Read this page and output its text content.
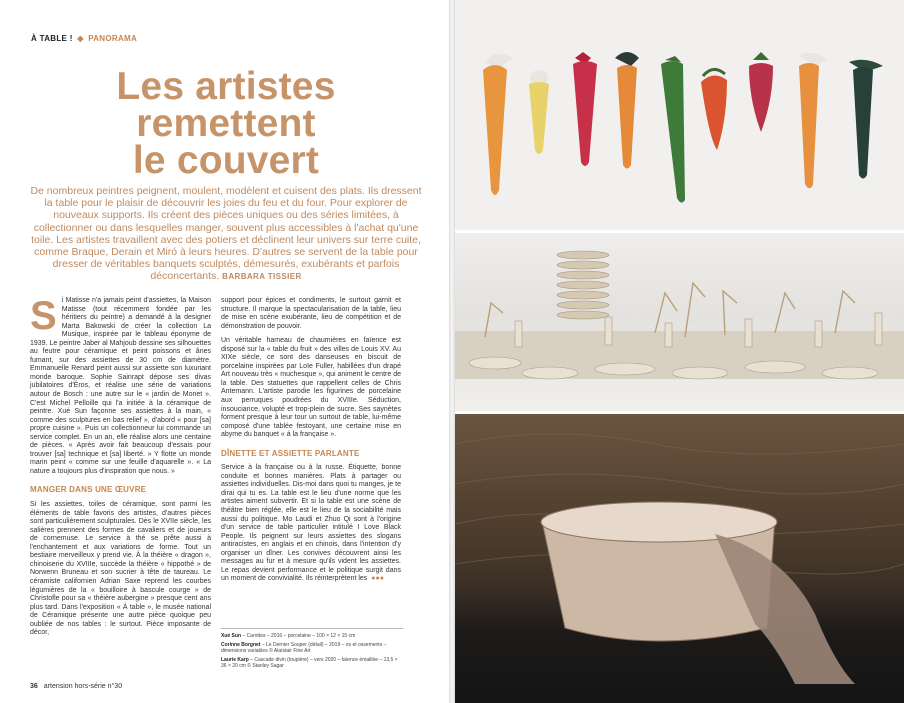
À TABLE ! ◆ PANORAMA
Les artistes
remettent
le couvert
De nombreux peintres peignent, moulent, modèlent et cuisent des plats. Ils dressent la table pour le plaisir de découvrir les joies du feu et du four. Pour explorer de nouveaux supports. Ils créent des pièces uniques ou des séries limitées, à collectionner ou dans lesquelles manger, souvent plus accessibles à l'achat qu'une toile. Les artistes travaillent avec des potiers et déclinent leur univers sur terre cuite, comme Braque, Derain et Miró à leurs heures. D'autres se servent de la table pour dresser de véritables banquets sculptés, démesurés, exubérants et parfois déconcertants. BARBARA TISSIER

Si Matisse n'a jamais peint d'assiettes, la Maison Matisse (tout récemment fondée par les héritiers du peintre) a demandé à la designer Marta Bakowski de créer la collection La Musique, inspirée par le tableau éponyme de 1939. Le peintre Jaber al Mahjoub dessine ses silhouettes au feutre pour céramique et peint poissons et ânes fumant, sur des assiettes de 30 cm de diamètre. Emmanuelle Renard peint aussi sur assiette son luxuriant monde baroque. Sophie Sainrapt dépose ses divas jubilatoires d'Éros, et réalise une série de variations autour de Bosch : une autre sur le « jardin de Monet ». C'est Michel Pelloille qui l'a initiée à la céramique de peintre. Xué Sun façonne ses assiettes à la main, « comme des sculptures en bas relief », d'abord « pour [sa] propre cuisine ». Puis un collectionneur lui commande un service complet. En un an, elle réalise alors une centaine de pièces. « Après avoir fait beaucoup d'essais pour trouver [sa] technique et [sa] liberté. » Y flotte un monde marin peint « comme sur une feuille d'aquarelle ». « La nature a toujours plus d'inspiration que nous. »

MANGER DANS UNE ŒUVRE

Si les assiettes, toiles de céramique, sont parmi les éléments de table favoris des artistes, d'autres pièces sont particulièrement sculpturales. Dès le XVIIe siècle, les salières prennent des formes de cavaliers et de joueurs de cornemuse. Le service à thé se prête aussi à l'enchantement et aux variations de forme. Tout un bestiaire merveilleux y prend vie. À la théière « dragon », chinoiserie du XVIIIe, succède la théière « hippothé » de Norwenn Bruneau et son sucrier à tête de taureau. Le céramiste californien Adrian Saxe reprend les courbes légumières de la « bouilloire à bascule courge » de Christofle pour sa « théière aubergine » presque cent ans plus tard. Dans l'exposition « À table », le musée national de Céramique présente une autre pièce quoique peu oubliée de nos tables : le surtout. Pièce imposante de décor,

support pour épices et condiments, le surtout garnit et structure. Il marque la spectacularisation de la table, lieu de mise en scène exubérante, lieu de compétition et de démonstration de pouvoir.

Un véritable hameau de chaumières en faïence est disposé sur la « table du fruit » des villes de Louis XV. Au XIXe siècle, ce sont des danseuses en biscuit de porcelaine inspirées par Loïe Fuller, habillées d'un drapé Art nouveau très « muchesque », qui animent le centre de la table. Des statuettes que rappellent celles de Chris Antemann. L'artiste parodie les figurines de porcelaine aux perruques poudrées du XVIIIe. Séduction, insouciance, volupté et trop-plein de sucre. Ses saynètes forment presque à leur tour un surtout de table, lui-même composé d'une tablée festoyant, une certaine mise en abyme du banquet « à la française ».

DÎNETTE ET ASSIETTE PARLANTE

Service à la française ou à la russe. Étiquette, bonne conduite et bonnes manières. Plats à partager ou assiettes individuelles. Dis-moi dans quoi tu manges, je te dirai qui tu es. La table est le lieu d'une norme que les artistes aiment subvertir. Et si la table est une scène de théâtre bien réglée, elle est le lieu de la sociabilité mais aussi du politique. Mo Laudi et Zhuo Qi sont à l'origine d'un service de table particulier intitulé I Love Black People. Ils peignent sur leurs assiettes des slogans antiracistes, en anglais et en chinois, dans l'intention d'y organiser un dîner. Les convives découvrent ainsi les messages au fur et à mesure qu'ils vident les assiettes. Le repas devient performance et le politique surgit dans un moment de convivialité. Ils réinterprètent les ●●●

Xué Sun – Carottes – 2016 – porcelaine – 100 × 12 × 15 cm
Corinne Borgnet – Le Dernier Souper (détail) – 2019 – os et ossements – dimensions variables © Alaïstair Fine Art
Laurie Karp – Cascade divin (toupière) – vers 2020 – faïence émaillée – 13,5 × 36 × 20 cm © Stanley Sagar
36 artension hors-série n°30
